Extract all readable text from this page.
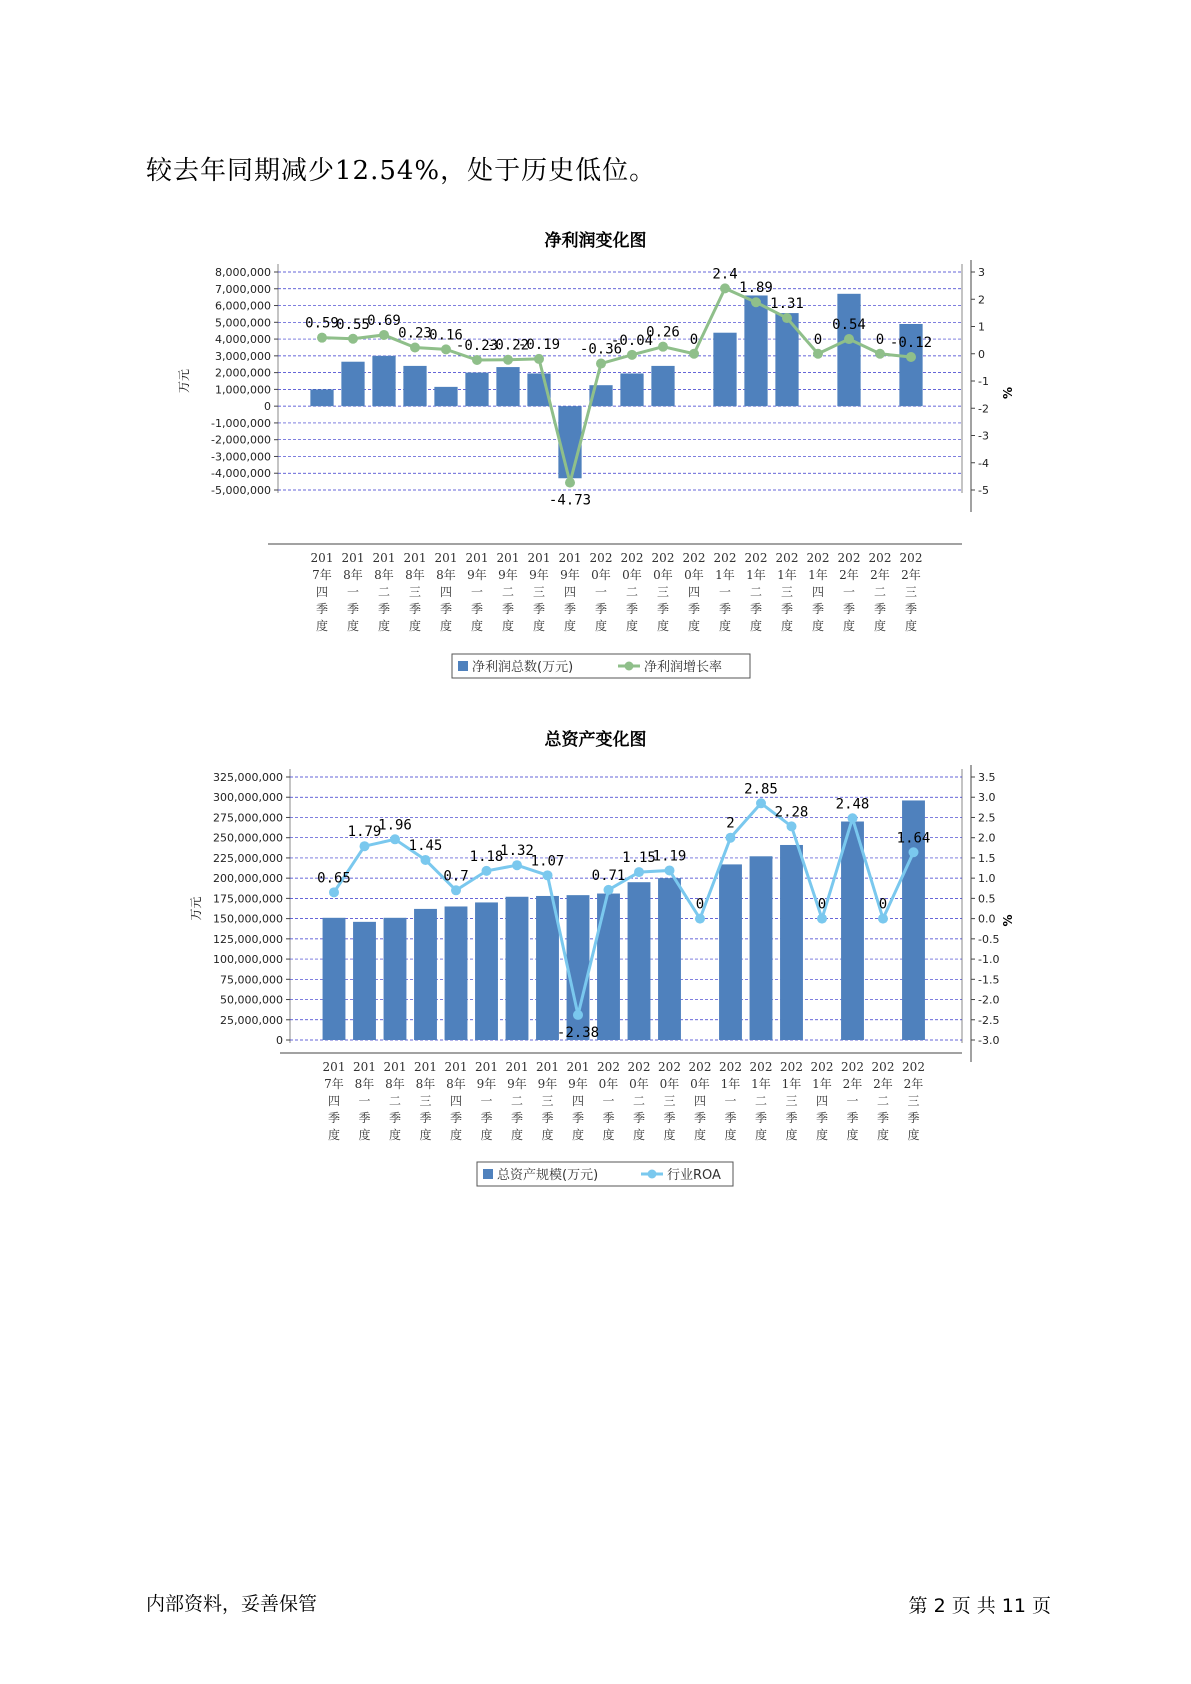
较去年同期减少12.54%，处于历史低位。
净利润变化图
8,000,000
7,000,000
6,000,000
5,000,000
4,000,000
3,000,000
2,000,000
1,000,000
0
-1,000,000
-2,000,000
-3,000,000
-4,000,000
-5,000,000
3
2
1
0
-1
-2
-3
-4
-5
万元	%
0.59
0.55
0.69
0.23
0.16
-0.23
-0.22
-0.19
-4.73
-0.36
-0.04
0.26 0
2.4
1.89
1.31
0
0.54
0 -0.12
201
7年
四
季
度
201
8年
一
季
度
201
8年
二
季
度
201
8年
三
季
度
201
8年
四
季
度
201
9年
一
季
度
201
9年
二
季
度
201
9年
三
季
度
201
9年
四
季
度
202
0年
一
季
度
202
0年
二
季
度
202
0年
三
季
度
202
0年
四
季
度
202
1年
一
季
度
202
1年
二
季
度
202
1年
三
季
度
202
1年
四
季
度
202
2年
一
季
度
202
2年
二
季
度
202
2年
三
季
度
净利润总数(万元)	净利润增长率
总资产变化图
325,000,000
300,000,000
275,000,000
250,000,000
225,000,000
200,000,000
175,000,000
150,000,000
125,000,000
100,000,000
75,000,000
50,000,000
25,000,000
0
3.5
3.0
2.5
2.0
1.5
1.0
0.5
0.0
-0.5
-1.0
-1.5
-2.0
-2.5
-3.0
万元	%
0.65
1.79
1.96
1.45
0.7
1.18
1.32
1.07
-2.38
0.71
1.15
1.19
0
2
2.85
2.28
0
2.48
0
1.64
201
7年
四
季
度
201
8年
一
季
度
201
8年
二
季
度
201
8年
三
季
度
201
8年
四
季
度
201
9年
一
季
度
201
9年
二
季
度
201
9年
三
季
度
201
9年
四
季
度
202
0年
一
季
度
202
0年
二
季
度
202
0年
三
季
度
202
0年
四
季
度
202
1年
一
季
度
202
1年
二
季
度
202
1年
三
季
度
202
1年
四
季
度
202
2年
一
季
度
202
2年
二
季
度
202
2年
三
季
度
总资产规模(万元)	行业ROA
内部资料，妥善保管	第 2 页 共 11 页
